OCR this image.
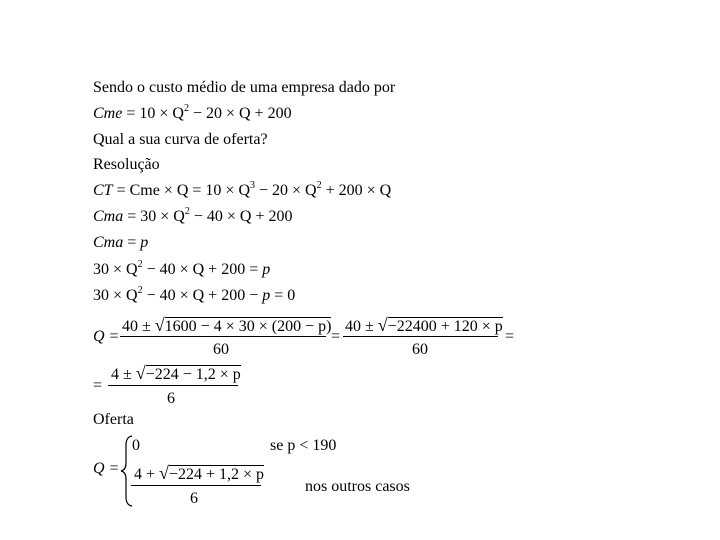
Sendo o custo médio de uma empresa dado por
Cme = $10 \times Q^2 - 20 \times Q + 200$
Qual a sua curva de oferta?
Resolução
CT = Cme × $Q = 10 \times Q^3 - 20 \times Q^2 + 200 \times Q$
Cma = $30 \times Q^2 - 40 \times Q + 200$
Cma = p
$30 \times Q^2 - 40 \times Q + 200 = p$
$30 \times Q^2 - 40 \times Q + 200 - p = 0$
Q =
40 ± √1600 − 4 × 30 × (200 − p)
60
=
40 ± √−22400 + 120 × p
60
=
=
4 ± √−224 − 1,2 × p
6
Oferta
Q =
0	se p < 190
4 + √−224 + 1,2 × p
6
nos outros casos
